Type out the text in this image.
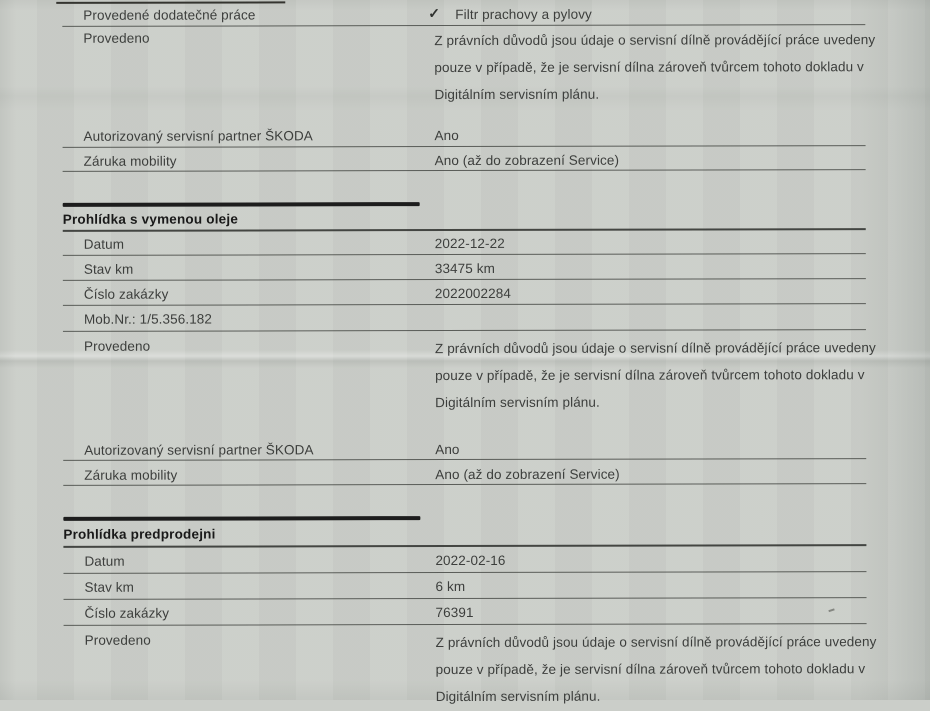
Provedené dodatečné práce	✓ Filtr prachovy a pylovy
Provedeno	Z právních důvodů jsou údaje o servisní dílně provádějící práce uvedeny
pouze v případě, že je servisní dílna zároveň tvůrcem tohoto dokladu v
Digitálním servisním plánu.
Autorizovaný servisní partner ŠKODA	Ano
Záruka mobility	Ano (až do zobrazení Service)
Prohlídka s vymenou oleje
Datum	2022-12-22
Stav km	33475 km
Číslo zakázky	2022002284
Mob.Nr.: 1/5.356.182
Provedeno	Z právních důvodů jsou údaje o servisní dílně provádějící práce uvedeny
pouze v případě, že je servisní dílna zároveň tvůrcem tohoto dokladu v
Digitálním servisním plánu.
Autorizovaný servisní partner ŠKODA	Ano
Záruka mobility	Ano (až do zobrazení Service)
Prohlídka predprodejni
Datum	2022-02-16
Stav km	6 km
Číslo zakázky	76391
Provedeno	Z právních důvodů jsou údaje o servisní dílně provádějící práce uvedeny
pouze v případě, že je servisní dílna zároveň tvůrcem tohoto dokladu v
Digitálním servisním plánu.
